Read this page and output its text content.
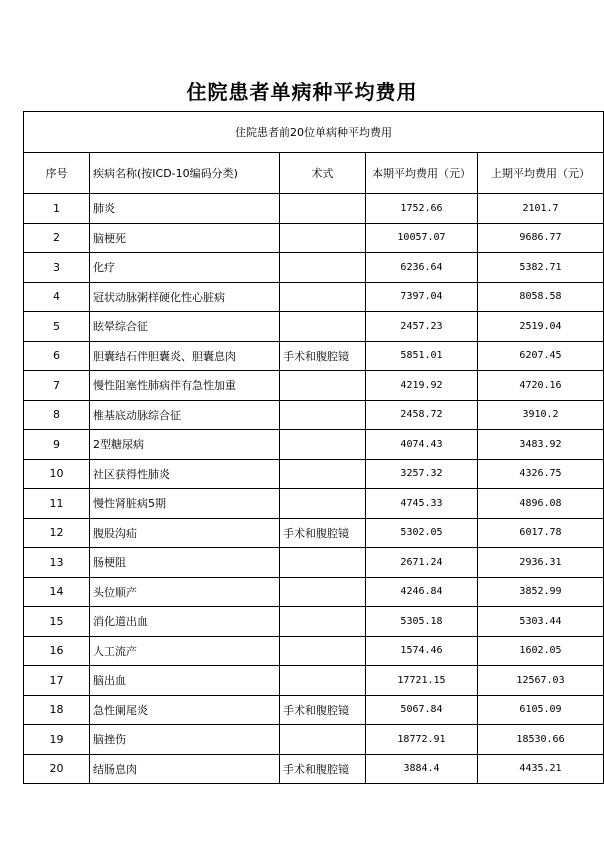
住院患者单病种平均费用
住院患者前20位单病种平均费用				
序号	疾病名称(按ICD-10编码分类)	术式	本期平均费用（元）	上期平均费用（元）
1	肺炎		1752.66	2101.7
2	脑梗死		10057.07	9686.77
3	化疗		6236.64	5382.71
4	冠状动脉粥样硬化性心脏病		7397.04	8058.58
5	眩晕综合征		2457.23	2519.04
6	胆囊结石伴胆囊炎、胆囊息肉	手术和腹腔镜	5851.01	6207.45
7	慢性阻塞性肺病伴有急性加重		4219.92	4720.16
8	椎基底动脉综合征		2458.72	3910.2
9	2型糖尿病		4074.43	3483.92
10	社区获得性肺炎		3257.32	4326.75
11	慢性肾脏病5期		4745.33	4896.08
12	腹股沟疝	手术和腹腔镜	5302.05	6017.78
13	肠梗阻		2671.24	2936.31
14	头位顺产		4246.84	3852.99
15	消化道出血		5305.18	5303.44
16	人工流产		1574.46	1602.05
17	脑出血		17721.15	12567.03
18	急性阑尾炎	手术和腹腔镜	5067.84	6105.09
19	脑挫伤		18772.91	18530.66
20	结肠息肉	手术和腹腔镜	3884.4	4435.21
